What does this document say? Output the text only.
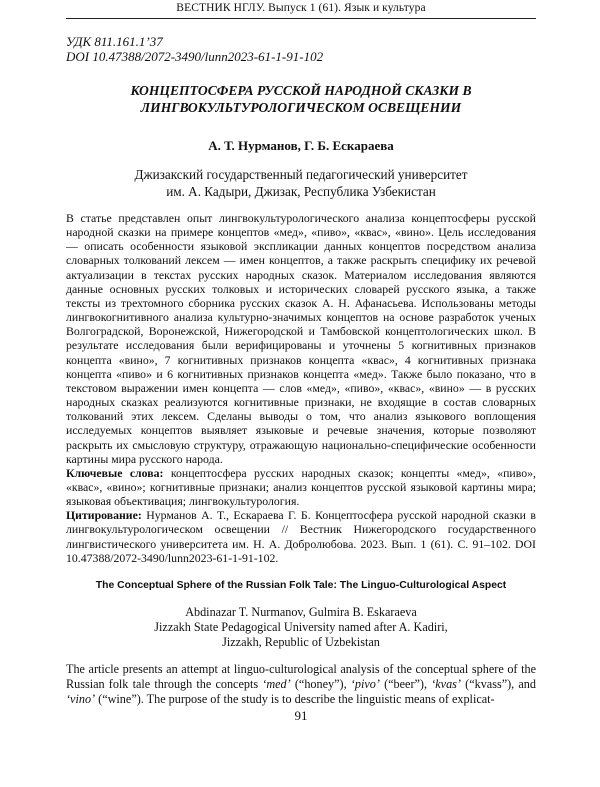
ВЕСТНИК НГЛУ. Выпуск 1 (61). Язык и культура
УДК 811.161.1’37
DOI 10.47388/2072-3490/lunn2023-61-1-91-102
КОНЦЕПТОСФЕРА РУССКОЙ НАРОДНОЙ СКАЗКИ В
ЛИНГВОКУЛЬТУРОЛОГИЧЕСКОМ ОСВЕЩЕНИИ
А. Т. Нурманов, Г. Б. Ескараева
Джизакский государственный педагогический университет
им. А. Кадыри, Джизак, Республика Узбекистан

В статье представлен опыт лингвокультурологического анализа концептосферы русской народной сказки на примере концептов «мед», «пиво», «квас», «вино». Цель исследования — описать особенности языковой экспликации данных концептов посредством анализа словарных толкований лексем — имен концептов, а также раскрыть специфику их речевой актуализации в текстах русских народных сказок. Материалом исследования являются данные основных русских толковых и исторических словарей русского языка, а также тексты из трехтомного сборника русских сказок А. Н. Афанасьева. Использованы методы лингвокогнитивного анализа культурно-значимых концептов на основе разработок ученых Волгоградской, Воронежской, Нижегородской и Тамбовской концептологических школ. В результате исследования были верифицированы и уточнены 5 когнитивных признаков концепта «вино», 7 когнитивных признаков концепта «квас», 4 когнитивных признака концепта «пиво» и 6 когнитивных признаков концепта «мед». Также было показано, что в текстовом выражении имен концепта — слов «мед», «пиво», «квас», «вино» — в русских народных сказках реализуются когнитивные признаки, не входящие в состав словарных толкований этих лексем. Сделаны выводы о том, что анализ языкового воплощения исследуемых концептов выявляет языковые и речевые значения, которые позволяют раскрыть их смысловую структуру, отражающую национально-специфические особенности картины мира русского народа.

Ключевые слова: концептосфера русских народных сказок; концепты «мед», «пиво», «квас», «вино»; когнитивные признаки; анализ концептов русской языковой картины мира; языковая объективация; лингвокультурология.

Цитирование: Нурманов А. Т., Ескараева Г. Б. Концептосфера русской народной сказки в лингвокультурологическом освещении // Вестник Нижегородского государственного лингвистического университета им. Н. А. Добролюбова. 2023. Вып. 1 (61). С. 91–102. DOI 10.47388/2072-3490/lunn2023-61-1-91-102.

The Conceptual Sphere of the Russian Folk Tale: The Linguo-Culturological Aspect
Abdinazar T. Nurmanov, Gulmira B. Eskaraeva
Jizzakh State Pedagogical University named after A. Kadiri,
Jizzakh, Republic of Uzbekistan
The article presents an attempt at linguo-culturological analysis of the conceptual sphere of the Russian folk tale through the concepts ‘med’ (“honey”), ‘pivo’ (“beer”), ‘kvas’ (“kvass”), and ‘vino’ (“wine”). The purpose of the study is to describe the linguistic means of explicat-
91
